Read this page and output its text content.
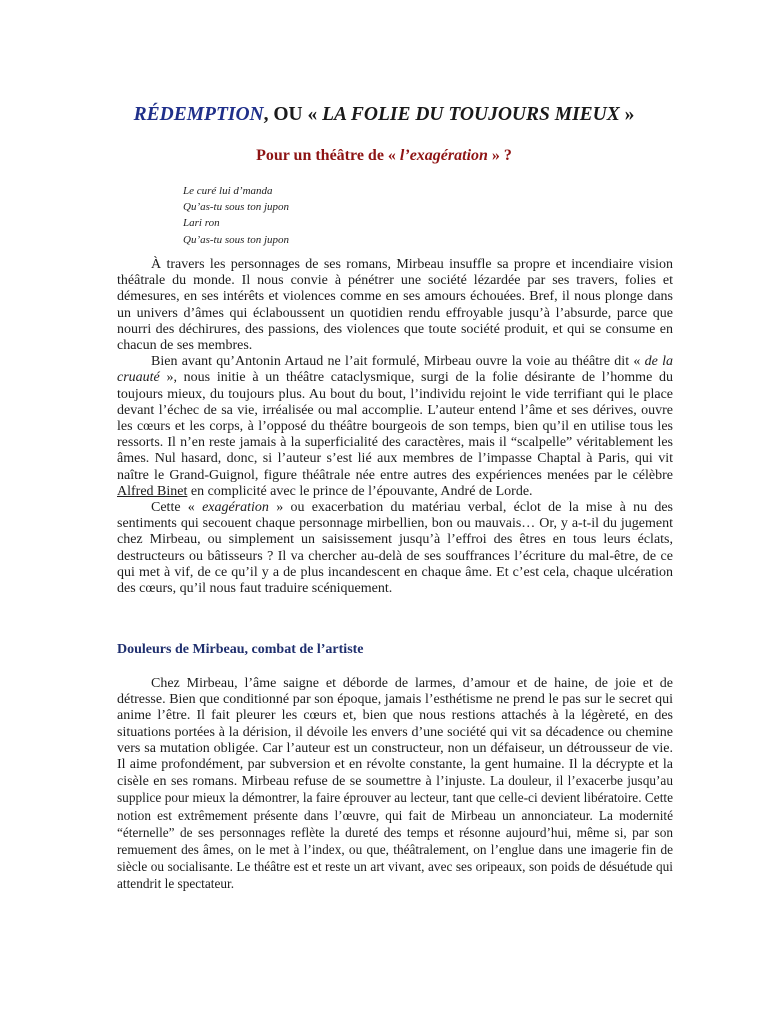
RÉDEMPTION, OU « LA FOLIE DU TOUJOURS MIEUX »
Pour un théâtre de « l’exagération » ?
Le curé lui d’manda
Qu’as-tu sous ton jupon
Lari ron
Qu’as-tu sous ton jupon

À travers les personnages de ses romans, Mirbeau insuffle sa propre et incendiaire vision théâtrale du monde. Il nous convie à pénétrer une société lézardée par ses travers, folies et démesures, en ses intérêts et violences comme en ses amours échouées. Bref, il nous plonge dans un univers d’âmes qui éclaboussent un quotidien rendu effroyable jusqu’à l’absurde, parce que nourri des déchirures, des passions, des violences que toute société produit, et qui se consume en chacun de ses membres.

Bien avant qu’Antonin Artaud ne l’ait formulé, Mirbeau ouvre la voie au théâtre dit « de la cruauté », nous initie à un théâtre cataclysmique, surgi de la folie désirante de l’homme du toujours mieux, du toujours plus. Au bout du bout, l’individu rejoint le vide terrifiant qui le place devant l’échec de sa vie, irréalisée ou mal accomplie. L’auteur entend l’âme et ses dérives, ouvre les cœurs et les corps, à l’opposé du théâtre bourgeois de son temps, bien qu’il en utilise tous les ressorts. Il n’en reste jamais à la superficialité des caractères, mais il “scalpelle” véritablement les âmes. Nul hasard, donc, si l’auteur s’est lié aux membres de l’impasse Chaptal à Paris, qui vit naître le Grand-Guignol, figure théâtrale née entre autres des expériences menées par le célèbre Alfred Binet en complicité avec le prince de l’épouvante, André de Lorde.

Cette « exagération » ou exacerbation du matériau verbal, éclot de la mise à nu des sentiments qui secouent chaque personnage mirbellien, bon ou mauvais… Or, y a-t-il du jugement chez Mirbeau, ou simplement un saisissement jusqu’à l’effroi des êtres en tous leurs éclats, destructeurs ou bâtisseurs ? Il va chercher au-delà de ses souffrances l’écriture du mal-être, de ce qui met à vif, de ce qu’il y a de plus incandescent en chaque âme. Et c’est cela, chaque ulcération des cœurs, qu’il nous faut traduire scéniquement.

Douleurs de Mirbeau, combat de l’artiste

Chez Mirbeau, l’âme saigne et déborde de larmes, d’amour et de haine, de joie et de détresse. Bien que conditionné par son époque, jamais l’esthétisme ne prend le pas sur le secret qui anime l’être. Il fait pleurer les cœurs et, bien que nous restions attachés à la légèreté, en des situations portées à la dérision, il dévoile les envers d’une société qui vit sa décadence ou chemine vers sa mutation obligée. Car l’auteur est un constructeur, non un défaiseur, un détrousseur de vie. Il aime profondément, par subversion et en révolte constante, la gent humaine. Il la décrypte et la cisèle en ses romans. Mirbeau refuse de se soumettre à l’injuste. La douleur, il l’exacerbe jusqu’au supplice pour mieux la démontrer, la faire éprouver au lecteur, tant que celle-ci devient libératoire. Cette notion est extrêmement présente dans l’œuvre, qui fait de Mirbeau un annonciateur. La modernité “éternelle” de ses personnages reflète la dureté des temps et résonne aujourd’hui, même si, par son remuement des âmes, on le met à l’index, ou que, théâtralement, on l’englue dans une imagerie fin de siècle ou socialisante. Le théâtre est et reste un art vivant, avec ses oripeaux, son poids de désuétude qui attendrit le spectateur.
